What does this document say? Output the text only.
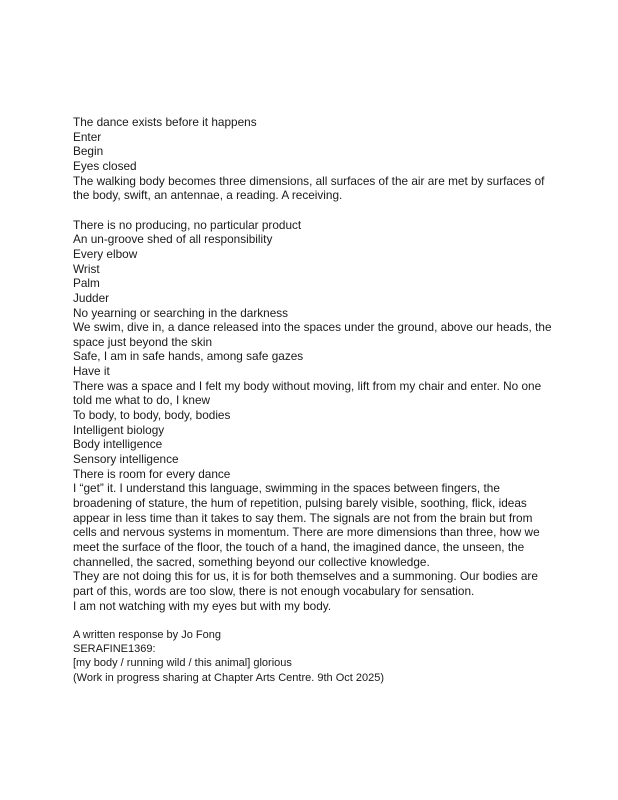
The dance exists before it happens

Enter

Begin

Eyes closed

The walking body becomes three dimensions, all surfaces of the air are met by surfaces of the body, swift, an antennae, a reading. A receiving.

There is no producing, no particular product

An un-groove shed of all responsibility

Every elbow

Wrist

Palm

Judder

No yearning or searching in the darkness

We swim, dive in, a dance released into the spaces under the ground, above our heads, the space just beyond the skin

Safe, I am in safe hands, among safe gazes

Have it

There was a space and I felt my body without moving, lift from my chair and enter. No one told me what to do, I knew

To body, to body, body, bodies

Intelligent biology

Body intelligence

Sensory intelligence

There is room for every dance

I “get” it. I understand this language, swimming in the spaces between fingers, the broadening of stature, the hum of repetition, pulsing barely visible, soothing, flick, ideas appear in less time than it takes to say them. The signals are not from the brain but from cells and nervous systems in momentum. There are more dimensions than three, how we meet the surface of the floor, the touch of a hand, the imagined dance, the unseen, the channelled, the sacred, something beyond our collective knowledge.

They are not doing this for us, it is for both themselves and a summoning. Our bodies are part of this, words are too slow, there is not enough vocabulary for sensation.

I am not watching with my eyes but with my body.

A written response by Jo Fong

SERAFINE1369:

[my body / running wild / this animal] glorious

(Work in progress sharing at Chapter Arts Centre. 9th Oct 2025)
